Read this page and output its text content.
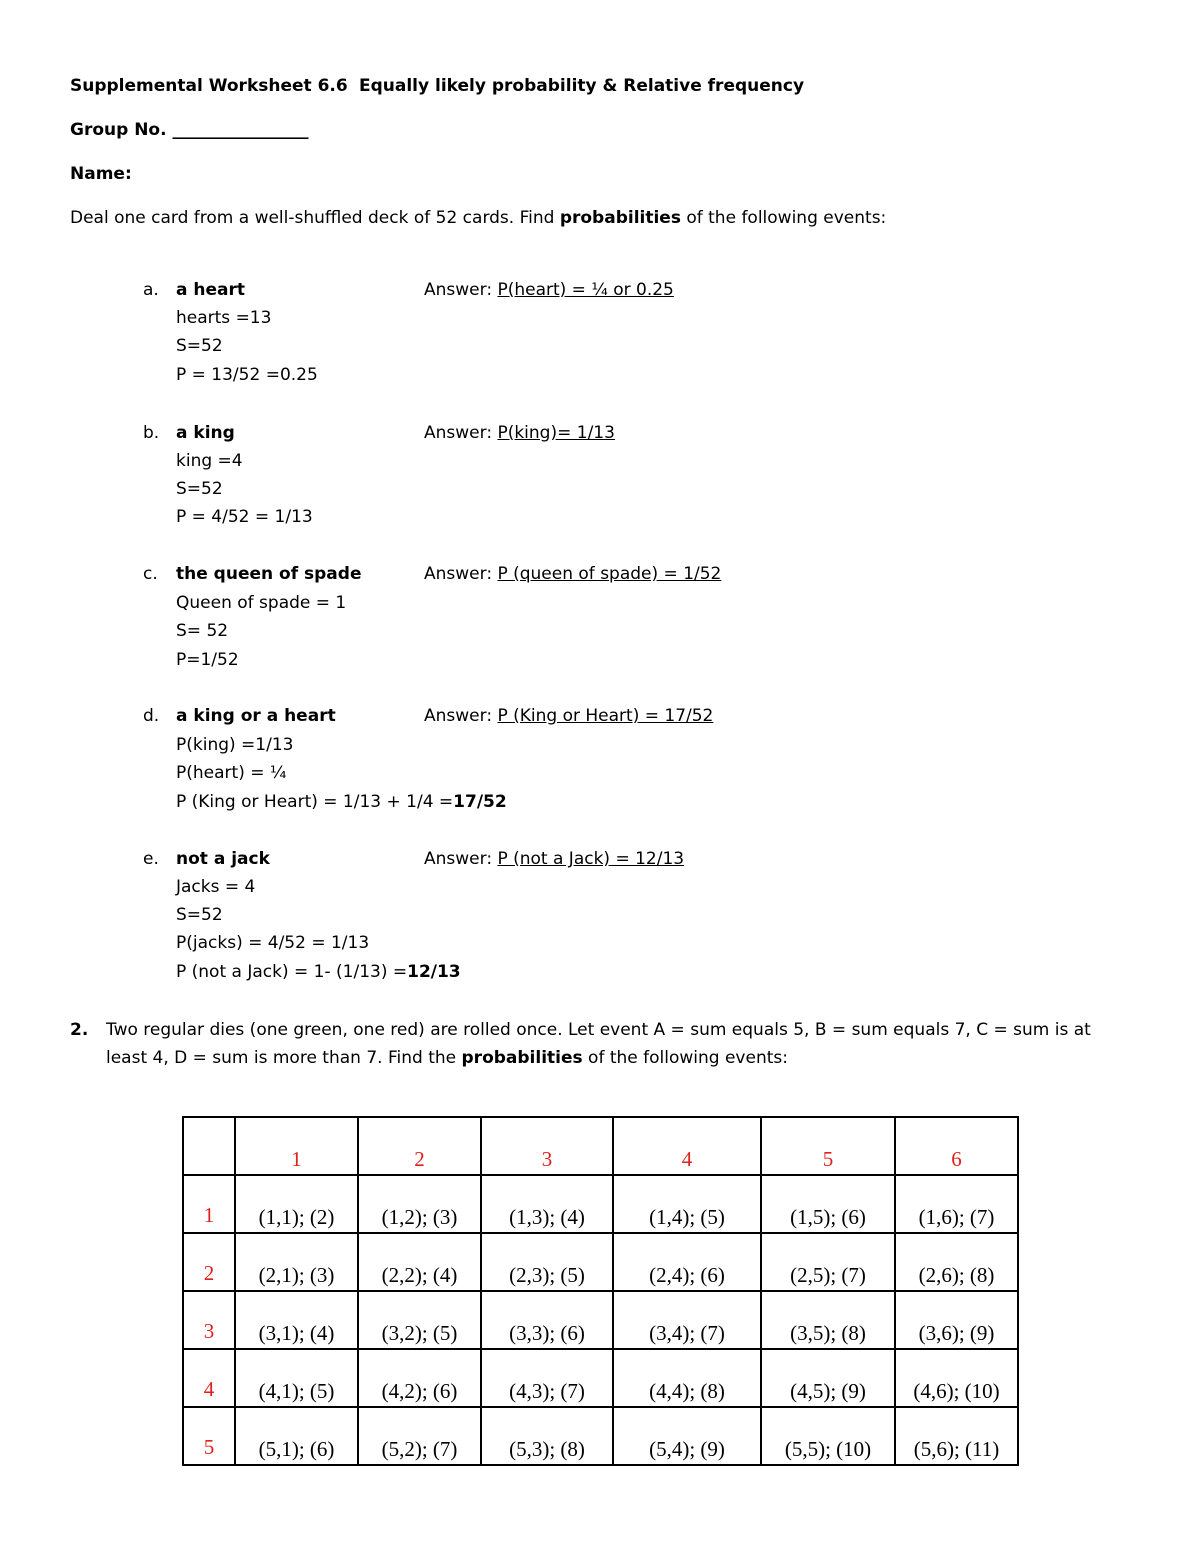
Supplemental Worksheet 6.6 Equally likely probability & Relative frequency
Group No. ________________
Name:
Deal one card from a well-shuffled deck of 52 cards. Find probabilities of the following events:
a. a heart	Answer: P(heart) = ¼ or 0.25
hearts =13
S=52
P = 13/52 =0.25
b. a king	Answer: P(king)= 1/13
king =4
S=52
P = 4/52 = 1/13
c. the queen of spade	Answer: P (queen of spade) = 1/52
Queen of spade = 1
S= 52
P=1/52
d. a king or a heart	Answer: P (King or Heart) = 17/52
P(king) =1/13
P(heart) = ¼
P (King or Heart) = 1/13 + 1/4 =17/52
e. not a jack	Answer: P (not a Jack) = 12/13
Jacks = 4
S=52
P(jacks) = 4/52 = 1/13
P (not a Jack) = 1- (1/13) =12/13
2. Two regular dies (one green, one red) are rolled once. Let event A = sum equals 5, B = sum equals 7, C = sum is at
least 4, D = sum is more than 7. Find the probabilities of the following events:
	1	2	3	4	5	6
1	(1,1); (2)	(1,2); (3)	(1,3); (4)	(1,4); (5)	(1,5); (6)	(1,6); (7)
2	(2,1); (3)	(2,2); (4)	(2,3); (5)	(2,4); (6)	(2,5); (7)	(2,6); (8)
3	(3,1); (4)	(3,2); (5)	(3,3); (6)	(3,4); (7)	(3,5); (8)	(3,6); (9)
4	(4,1); (5)	(4,2); (6)	(4,3); (7)	(4,4); (8)	(4,5); (9)	(4,6); (10)
5	(5,1); (6)	(5,2); (7)	(5,3); (8)	(5,4); (9)	(5,5); (10)	(5,6); (11)
